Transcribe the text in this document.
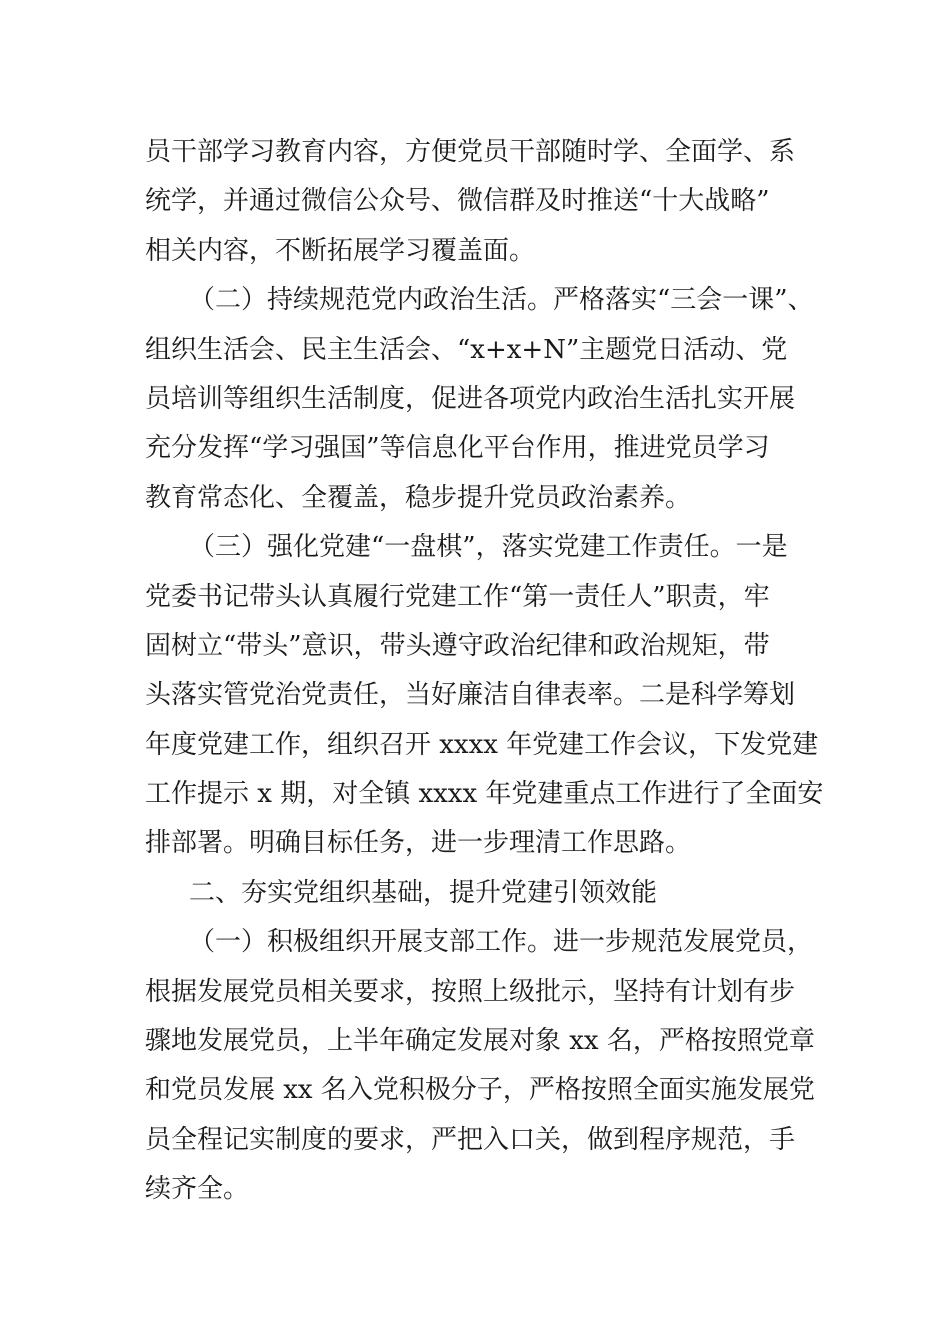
员干部学习教育内容，方便党员干部随时学、全面学、系
统学，并通过微信公众号、微信群及时推送“十大战略”
相关内容，不断拓展学习覆盖面。
（二）持续规范党内政治生活。严格落实“三会一课”、
组织生活会、民主生活会、“x+x+N”主题党日活动、党
员培训等组织生活制度，促进各项党内政治生活扎实开展
充分发挥“学习强国”等信息化平台作用，推进党员学习
教育常态化、全覆盖，稳步提升党员政治素养。
（三）强化党建“一盘棋”，落实党建工作责任。一是
党委书记带头认真履行党建工作“第一责任人”职责，牢
固树立“带头”意识，带头遵守政治纪律和政治规矩，带
头落实管党治党责任，当好廉洁自律表率。二是科学筹划
年度党建工作，组织召开 xxxx 年党建工作会议，下发党建
工作提示 x 期，对全镇 xxxx 年党建重点工作进行了全面安
排部署。明确目标任务，进一步理清工作思路。
二、夯实党组织基础，提升党建引领效能
（一）积极组织开展支部工作。进一步规范发展党员，
根据发展党员相关要求，按照上级批示，坚持有计划有步
骤地发展党员，上半年确定发展对象 xx 名，严格按照党章
和党员发展 xx 名入党积极分子，严格按照全面实施发展党
员全程记实制度的要求，严把入口关，做到程序规范，手
续齐全。
